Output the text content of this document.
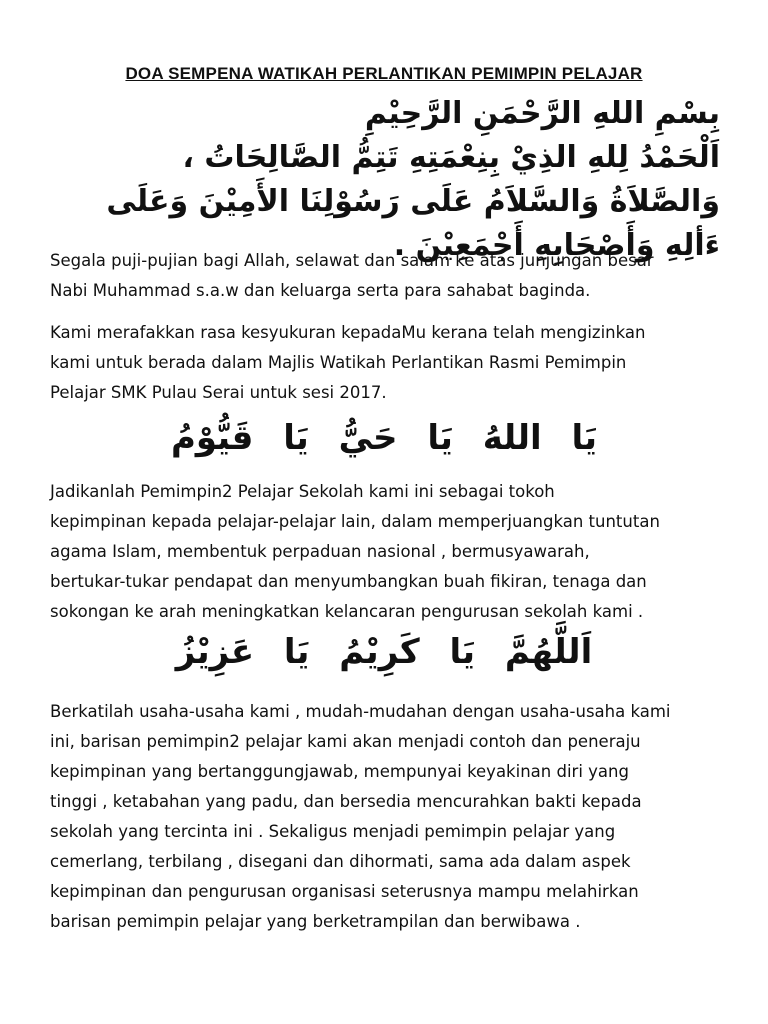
DOA SEMPENA WATIKAH PERLANTIKAN PEMIMPIN PELAJAR
بِسْمِ اللهِ الرَّحْمَنِ الرَّحِيْمِ
اَلْحَمْدُ لِلهِ الذِيْ بِنِعْمَتِهِ تَتِمُّ الصَّالِحَاتُ ،
وَالصَّلاَةُ وَالسَّلاَمُ عَلَى رَسُوْلِنَا الأَمِيْنَ وَعَلَى
ءَألِهِ وَأَصْحَابِهِ أَجْمَعِيْنَ .
Segala puji-pujian bagi Allah, selawat dan salam ke atas junjungan besar
Nabi Muhammad s.a.w dan keluarga serta para sahabat baginda.
Kami merafakkan rasa kesyukuran kepadaMu kerana telah mengizinkan
kami untuk berada dalam Majlis Watikah Perlantikan Rasmi Pemimpin
Pelajar SMK Pulau Serai untuk sesi 2017.
يَا اللهُ يَا حَيُّ يَا قَيُّوْمُ
Jadikanlah Pemimpin2 Pelajar Sekolah kami ini sebagai tokoh
kepimpinan kepada pelajar-pelajar lain, dalam memperjuangkan tuntutan
agama Islam, membentuk perpaduan nasional , bermusyawarah,
bertukar-tukar pendapat dan menyumbangkan buah fikiran, tenaga dan
sokongan ke arah meningkatkan kelancaran pengurusan sekolah kami .
اَللَّهُمَّ يَا كَرِيْمُ يَا عَزِيْزُ
Berkatilah usaha-usaha kami , mudah-mudahan dengan usaha-usaha kami
ini, barisan pemimpin2 pelajar kami akan menjadi contoh dan peneraju
kepimpinan yang bertanggungjawab, mempunyai keyakinan diri yang
tinggi , ketabahan yang padu, dan bersedia mencurahkan bakti kepada
sekolah yang tercinta ini . Sekaligus menjadi pemimpin pelajar yang
cemerlang, terbilang , disegani dan dihormati, sama ada dalam aspek
kepimpinan dan pengurusan organisasi seterusnya mampu melahirkan
barisan pemimpin pelajar yang berketrampilan dan berwibawa .
